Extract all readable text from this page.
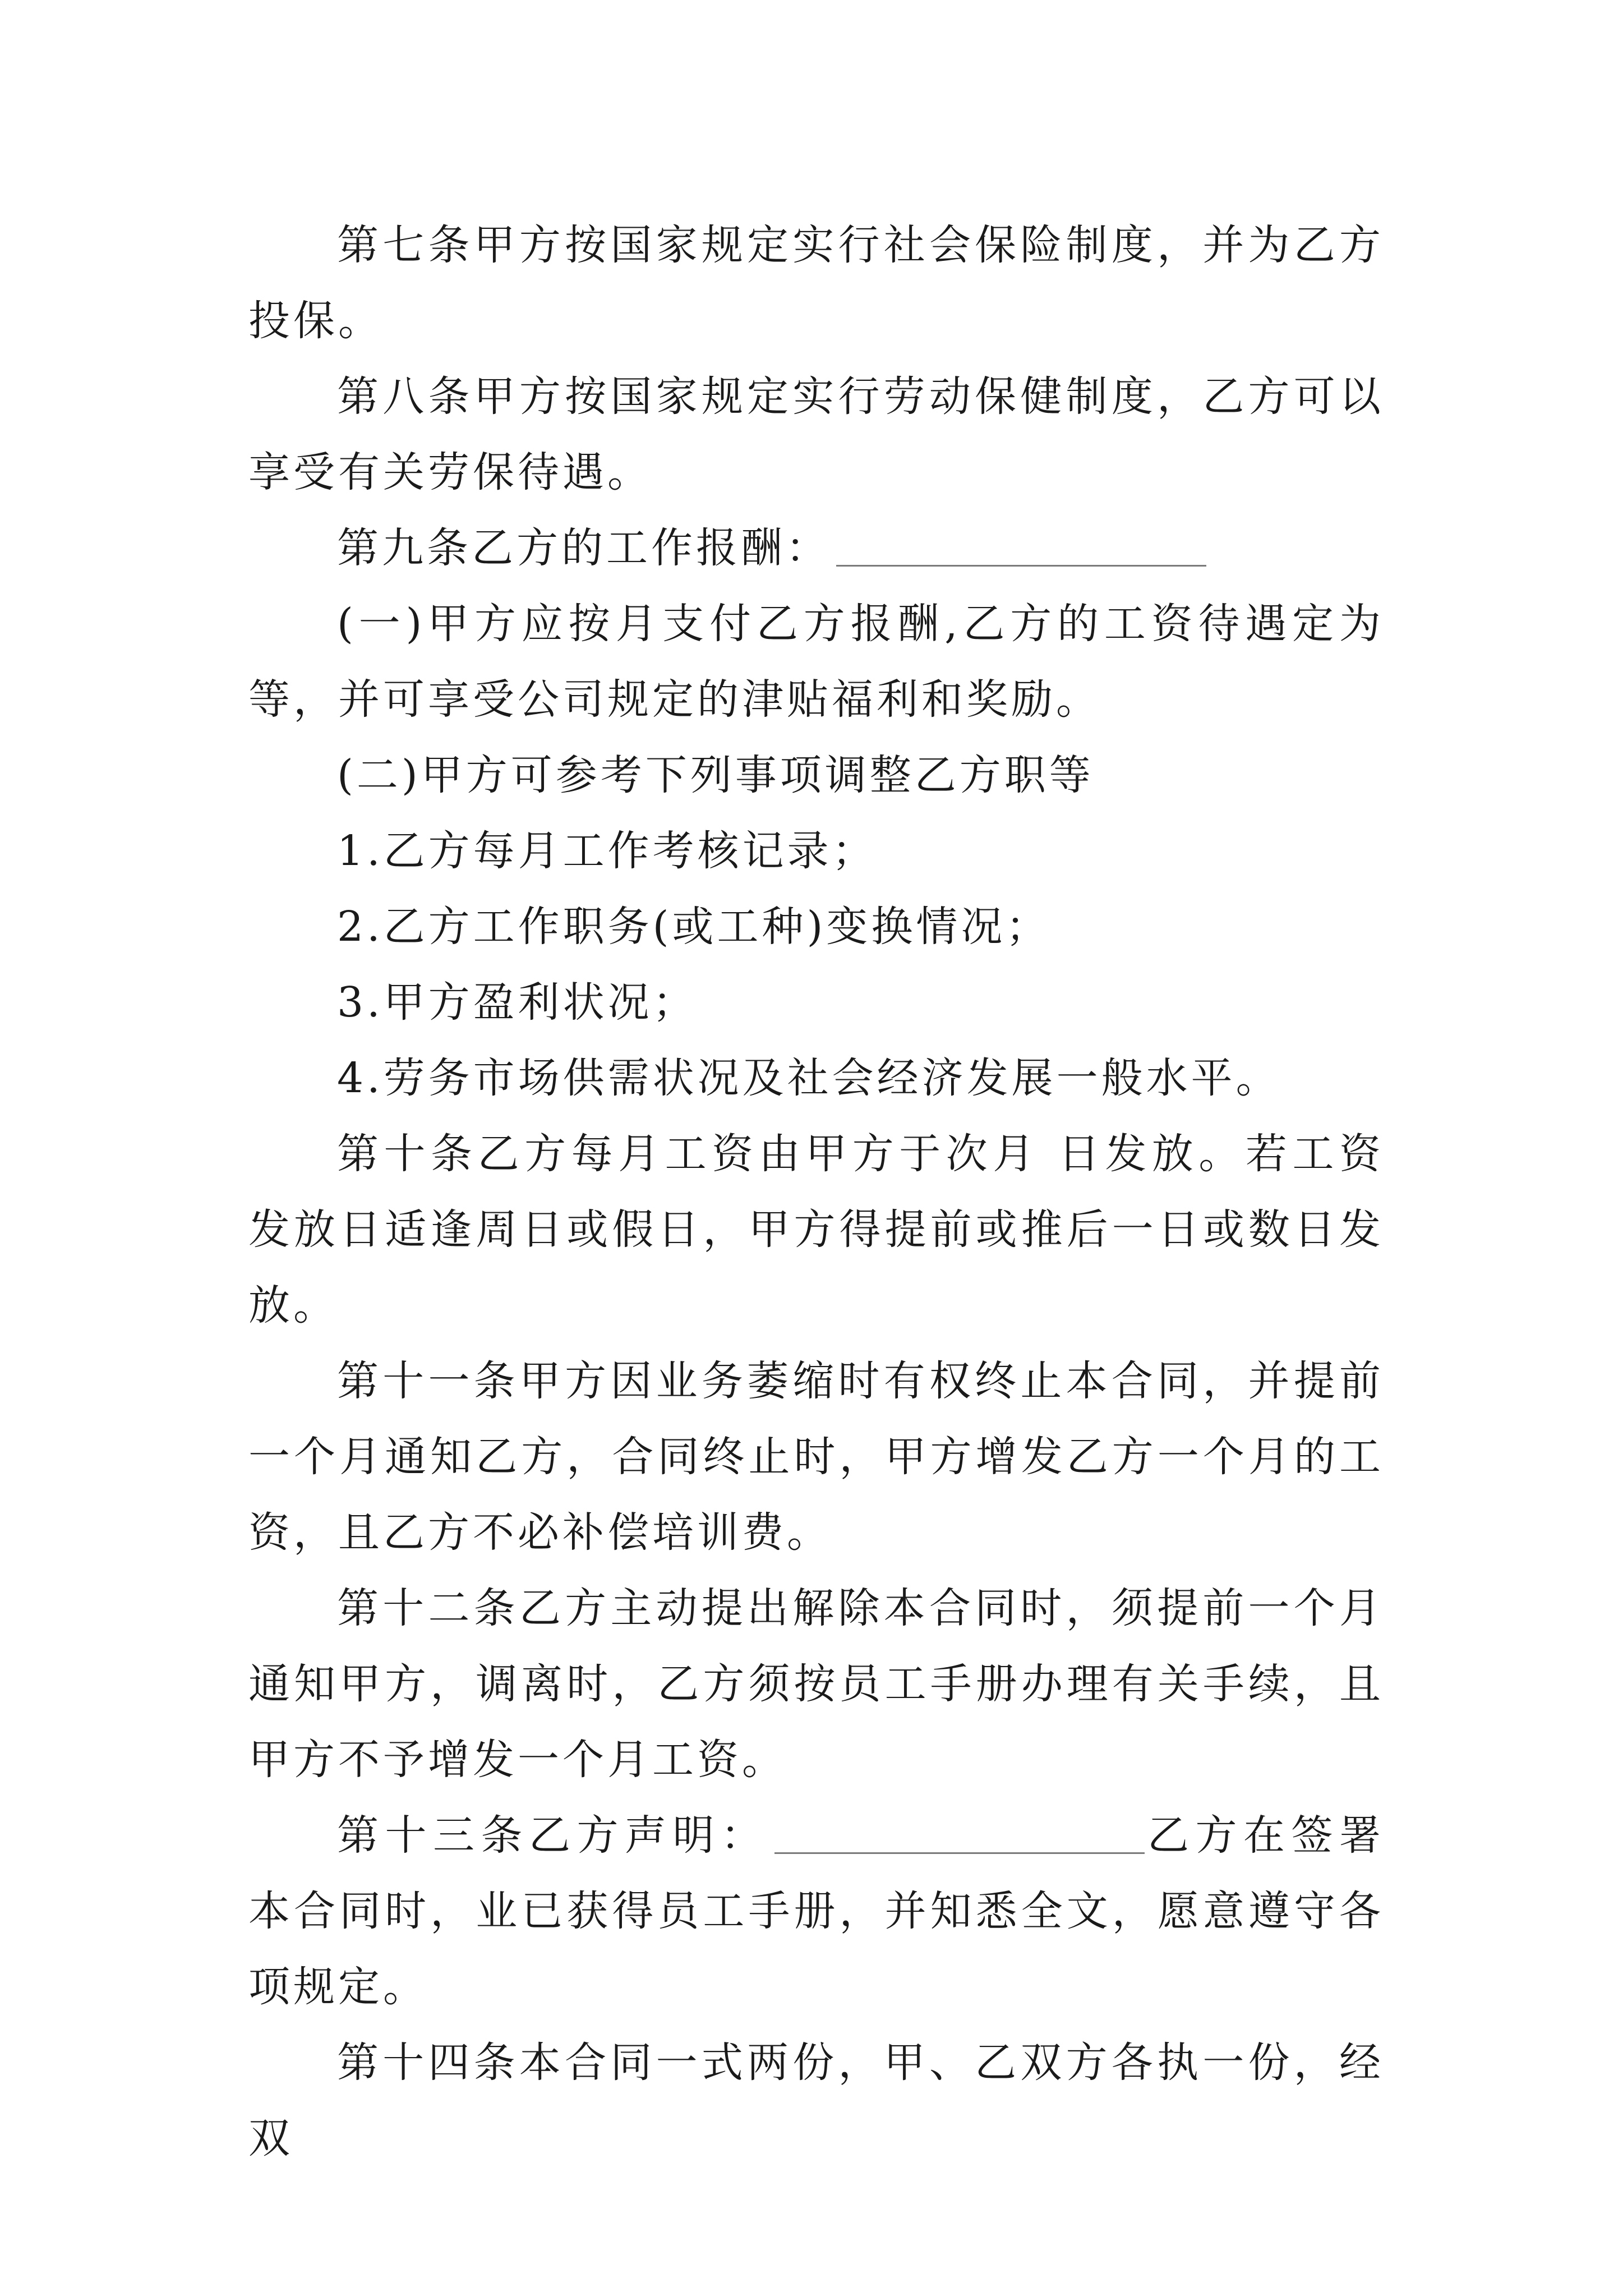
第七条甲方按国家规定实行社会保险制度，并为乙方投保。

第八条甲方按国家规定实行劳动保健制度，乙方可以享受有关劳保待遇。

第九条乙方的工作报酬：

(一)甲方应按月支付乙方报酬,乙方的工资待遇定为等，并可享受公司规定的津贴福利和奖励。

(二)甲方可参考下列事项调整乙方职等

1.乙方每月工作考核记录；

2.乙方工作职务(或工种)变换情况；

3.甲方盈利状况；

4.劳务市场供需状况及社会经济发展一般水平。

第十条乙方每月工资由甲方于次月 日发放。若工资发放日适逢周日或假日，甲方得提前或推后一日或数日发放。

第十一条甲方因业务萎缩时有权终止本合同，并提前一个月通知乙方，合同终止时，甲方增发乙方一个月的工资，且乙方不必补偿培训费。

第十二条乙方主动提出解除本合同时，须提前一个月通知甲方，调离时，乙方须按员工手册办理有关手续，且甲方不予增发一个月工资。

第十三条乙方声明：	乙方在签署本合同时，业已获得员工手册，并知悉全文，愿意遵守各项规定。

第十四条本合同一式两份，甲、乙双方各执一份，经双
